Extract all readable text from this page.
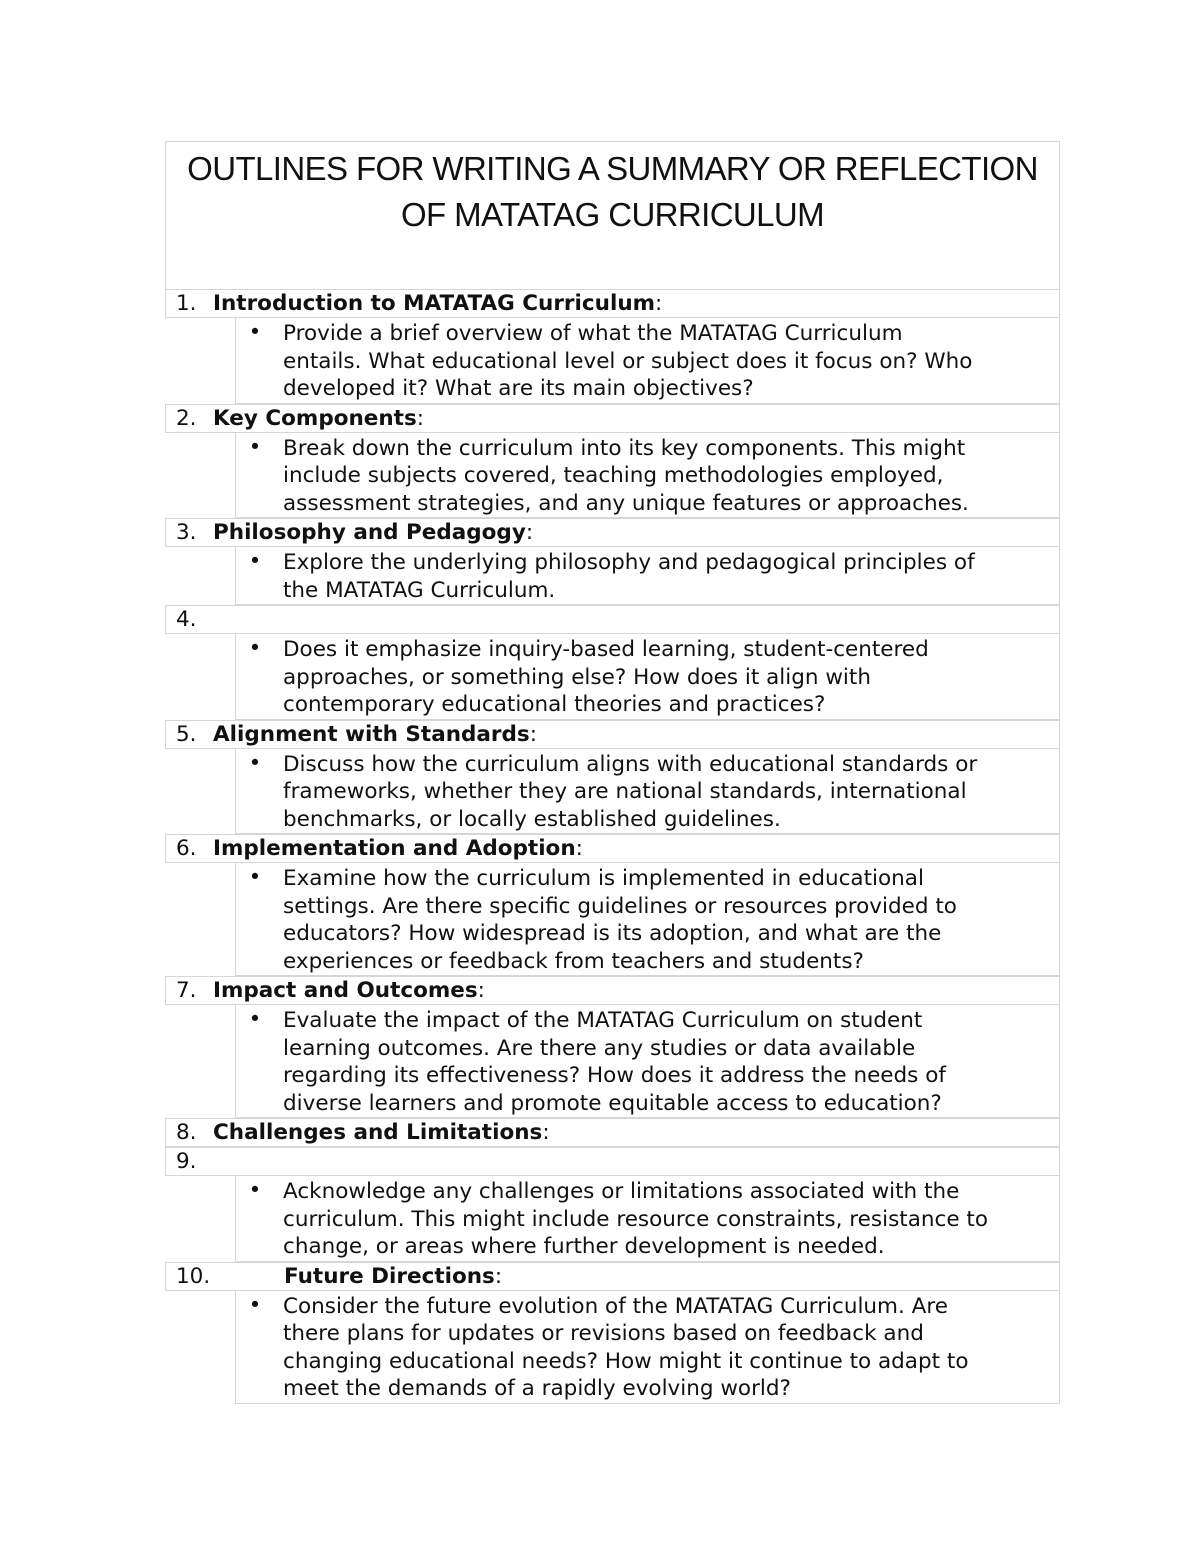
OUTLINES FOR WRITING A SUMMARY OR REFLECTION
OF MATATAG CURRICULUM
1. Introduction to MATATAG Curriculum:
•	Provide a brief overview of what the MATATAG Curriculum
entails. What educational level or subject does it focus on? Who
developed it? What are its main objectives?
2. Key Components:
•	Break down the curriculum into its key components. This might
include subjects covered, teaching methodologies employed,
assessment strategies, and any unique features or approaches.
3. Philosophy and Pedagogy:
•	Explore the underlying philosophy and pedagogical principles of
the MATATAG Curriculum.
4.
•	Does it emphasize inquiry-based learning, student-centered
approaches, or something else? How does it align with
contemporary educational theories and practices?
5. Alignment with Standards:
•	Discuss how the curriculum aligns with educational standards or
frameworks, whether they are national standards, international
benchmarks, or locally established guidelines.
6. Implementation and Adoption:
•	Examine how the curriculum is implemented in educational
settings. Are there specific guidelines or resources provided to
educators? How widespread is its adoption, and what are the
experiences or feedback from teachers and students?
7. Impact and Outcomes:
•	Evaluate the impact of the MATATAG Curriculum on student
learning outcomes. Are there any studies or data available
regarding its effectiveness? How does it address the needs of
diverse learners and promote equitable access to education?
8. Challenges and Limitations:
9.
•	Acknowledge any challenges or limitations associated with the
curriculum. This might include resource constraints, resistance to
change, or areas where further development is needed.
10.	Future Directions:
•	Consider the future evolution of the MATATAG Curriculum. Are
there plans for updates or revisions based on feedback and
changing educational needs? How might it continue to adapt to
meet the demands of a rapidly evolving world?
